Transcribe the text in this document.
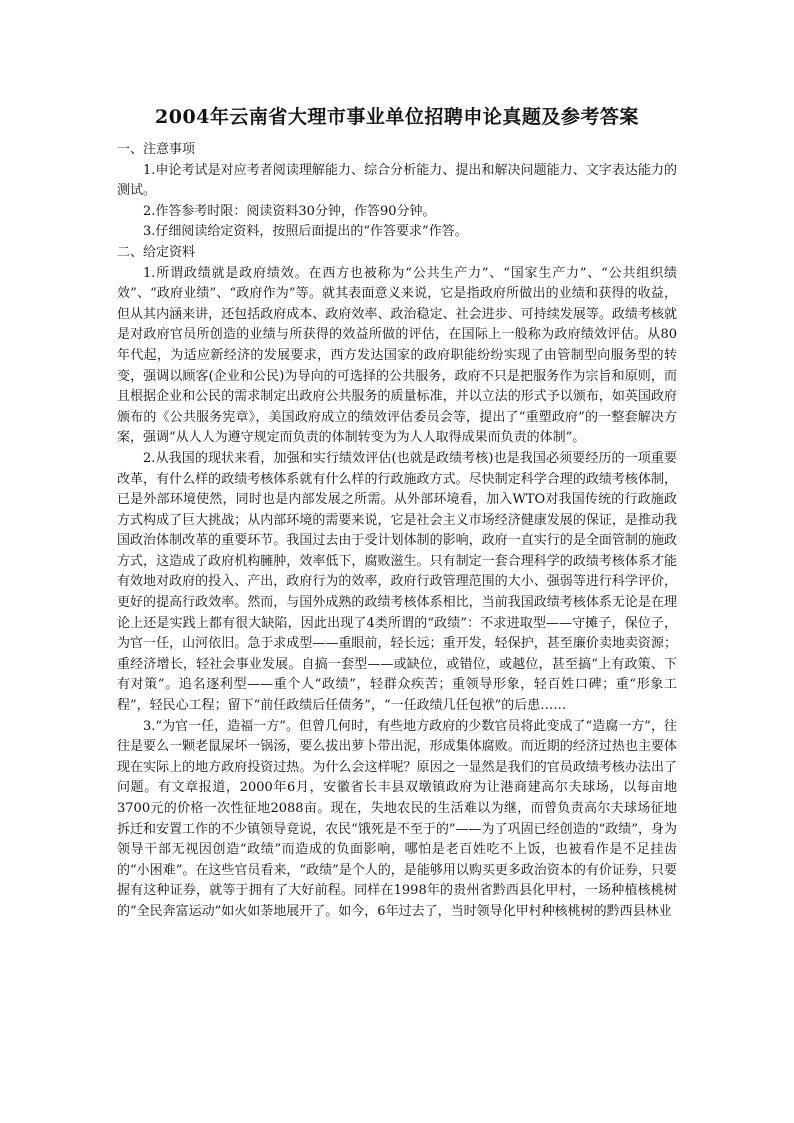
2004年云南省大理市事业单位招聘申论真题及参考答案

一、注意事项

1.申论考试是对应考者阅读理解能力、综合分析能力、提出和解决问题能力、文字表达能力的测试。

2.作答参考时限：阅读资料30分钟，作答90分钟。

3.仔细阅读给定资料，按照后面提出的“作答要求”作答。

二、给定资料

1.所谓政绩就是政府绩效。在西方也被称为“公共生产力”、“国家生产力”、“公共组织绩效”、“政府业绩”、“政府作为”等。就其表面意义来说，它是指政府所做出的业绩和获得的收益，但从其内涵来讲，还包括政府成本、政府效率、政治稳定、社会进步、可持续发展等。政绩考核就是对政府官员所创造的业绩与所获得的效益所做的评估，在国际上一般称为政府绩效评估。从80年代起，为适应新经济的发展要求，西方发达国家的政府职能纷纷实现了由管制型向服务型的转变，强调以顾客(企业和公民)为导向的可选择的公共服务，政府不只是把服务作为宗旨和原则，而且根据企业和公民的需求制定出政府公共服务的质量标准，并以立法的形式予以颁布，如英国政府颁布的《公共服务宪章》，美国政府成立的绩效评估委员会等，提出了“重塑政府”的一整套解决方案，强调“从人人为遵守规定而负责的体制转变为为人人取得成果而负责的体制”。

2.从我国的现状来看，加强和实行绩效评估(也就是政绩考核)也是我国必须要经历的一项重要改革，有什么样的政绩考核体系就有什么样的行政施政方式。尽快制定科学合理的政绩考核体制，已是外部环境使然，同时也是内部发展之所需。从外部环境看，加入WTO对我国传统的行政施政方式构成了巨大挑战；从内部环境的需要来说，它是社会主义市场经济健康发展的保证，是推动我国政治体制改革的重要环节。我国过去由于受计划体制的影响，政府一直实行的是全面管制的施政方式，这造成了政府机构臃肿，效率低下，腐败滋生。只有制定一套合理科学的政绩考核体系才能有效地对政府的投入、产出，政府行为的效率，政府行政管理范围的大小、强弱等进行科学评价，更好的提高行政效率。然而，与国外成熟的政绩考核体系相比，当前我国政绩考核体系无论是在理论上还是实践上都有很大缺陷，因此出现了4类所谓的“政绩”：不求进取型——守摊子，保位子，为官一任，山河依旧。急于求成型——重眼前，轻长远；重开发，轻保护，甚至廉价卖地卖资源；重经济增长，轻社会事业发展。自搞一套型——或缺位，或错位，或越位，甚至搞“上有政策、下有对策”。追名逐利型——重个人“政绩”，轻群众疾苦；重领导形象，轻百姓口碑；重“形象工程”，轻民心工程；留下“前任政绩后任债务”，“一任政绩几任包袱”的后患……

3.“为官一任，造福一方”。但曾几何时，有些地方政府的少数官员将此变成了“造腐一方”，往往是要么一颗老鼠屎坏一锅汤，要么拔出萝卜带出泥，形成集体腐败。而近期的经济过热也主要体现在实际上的地方政府投资过热。为什么会这样呢？原因之一显然是我们的官员政绩考核办法出了问题。有文章报道，2000年6月，安徽省长丰县双墩镇政府为让港商建高尔夫球场，以每亩地3700元的价格一次性征地2088亩。现在，失地农民的生活难以为继，而曾负责高尔夫球场征地拆迁和安置工作的不少镇领导竟说，农民“饿死是不至于的”——为了巩固已经创造的“政绩”，身为领导干部无视因创造“政绩”而造成的负面影响，哪怕是老百姓吃不上饭，也被看作是不足挂齿的“小困难”。在这些官员看来，“政绩”是个人的，是能够用以购买更多政治资本的有价证券，只要握有这种证券，就等于拥有了大好前程。同样在1998年的贵州省黔西县化甲村，一场种植核桃树的“全民奔富运动”如火如荼地展开了。如今，6年过去了，当时领导化甲村种核桃树的黔西县林业
